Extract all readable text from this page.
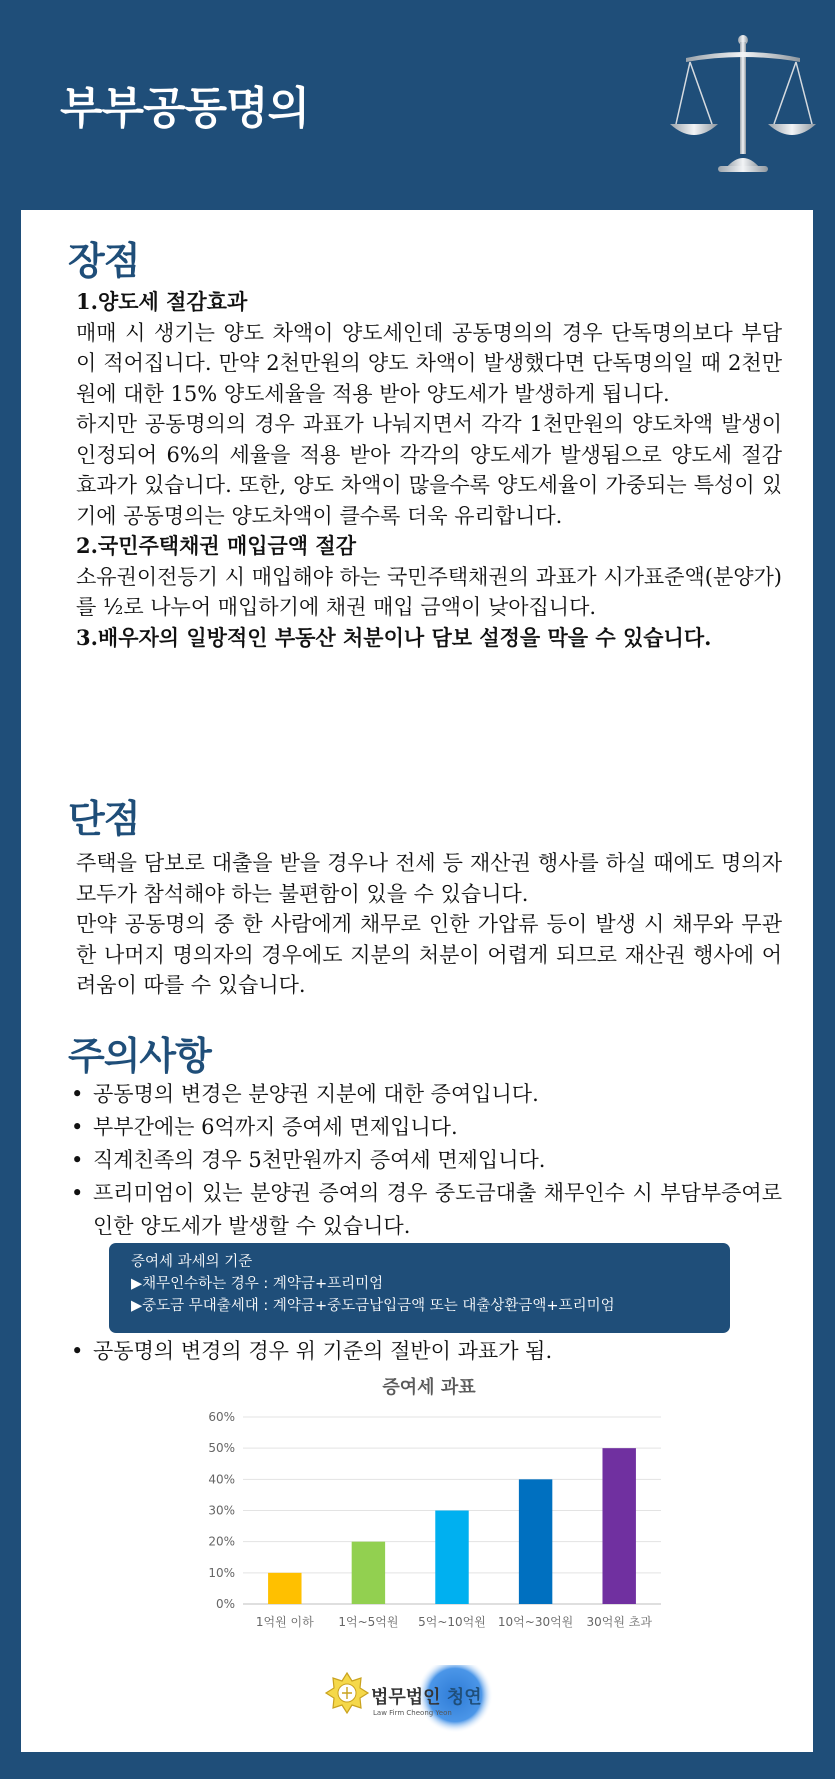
부부공동명의
장점

1.양도세 절감효과

매매 시 생기는 양도 차액이 양도세인데 공동명의의 경우 단독명의보다 부담이 적어집니다. 만약 2천만원의 양도 차액이 발생했다면 단독명의일 때 2천만원에 대한 15% 양도세율을 적용 받아 양도세가 발생하게 됩니다.

하지만 공동명의의 경우 과표가 나눠지면서 각각 1천만원의 양도차액 발생이 인정되어 6%의 세율을 적용 받아 각각의 양도세가 발생됨으로 양도세 절감 효과가 있습니다. 또한, 양도 차액이 많을수록 양도세율이 가중되는 특성이 있기에 공동명의는 양도차액이 클수록 더욱 유리합니다.

2.국민주택채권 매입금액 절감

소유권이전등기 시 매입해야 하는 국민주택채권의 과표가 시가표준액(분양가)를 ½로 나누어 매입하기에 채권 매입 금액이 낮아집니다.

3.배우자의 일방적인 부동산 처분이나 담보 설정을 막을 수 있습니다.

단점

주택을 담보로 대출을 받을 경우나 전세 등 재산권 행사를 하실 때에도 명의자 모두가 참석해야 하는 불편함이 있을 수 있습니다.

만약 공동명의 중 한 사람에게 채무로 인한 가압류 등이 발생 시 채무와 무관한 나머지 명의자의 경우에도 지분의 처분이 어렵게 되므로 재산권 행사에 어려움이 따를 수 있습니다.

주의사항
• 공동명의 변경은 분양권 지분에 대한 증여입니다.
• 부부간에는 6억까지 증여세 면제입니다.
• 직계친족의 경우 5천만원까지 증여세 면제입니다.
• 프리미엄이 있는 분양권 증여의 경우 중도금대출 채무인수 시 부담부증여로 인한 양도세가 발생할 수 있습니다.
증여세 과세의 기준
▶채무인수하는 경우 : 계약금+프리미엄
▶중도금 무대출세대 : 계약금+중도금납입금액 또는 대출상환금액+프리미엄
• 공동명의 변경의 경우 위 기준의 절반이 과표가 됨.
증여세 과표
0%
10%
20%
30%
40%
50%
60%
1억원 이하 1억~5억원 5억~10억원 10억~30억원 30억원 초과
법무법인 청연
Law Firm Cheong Yeon
